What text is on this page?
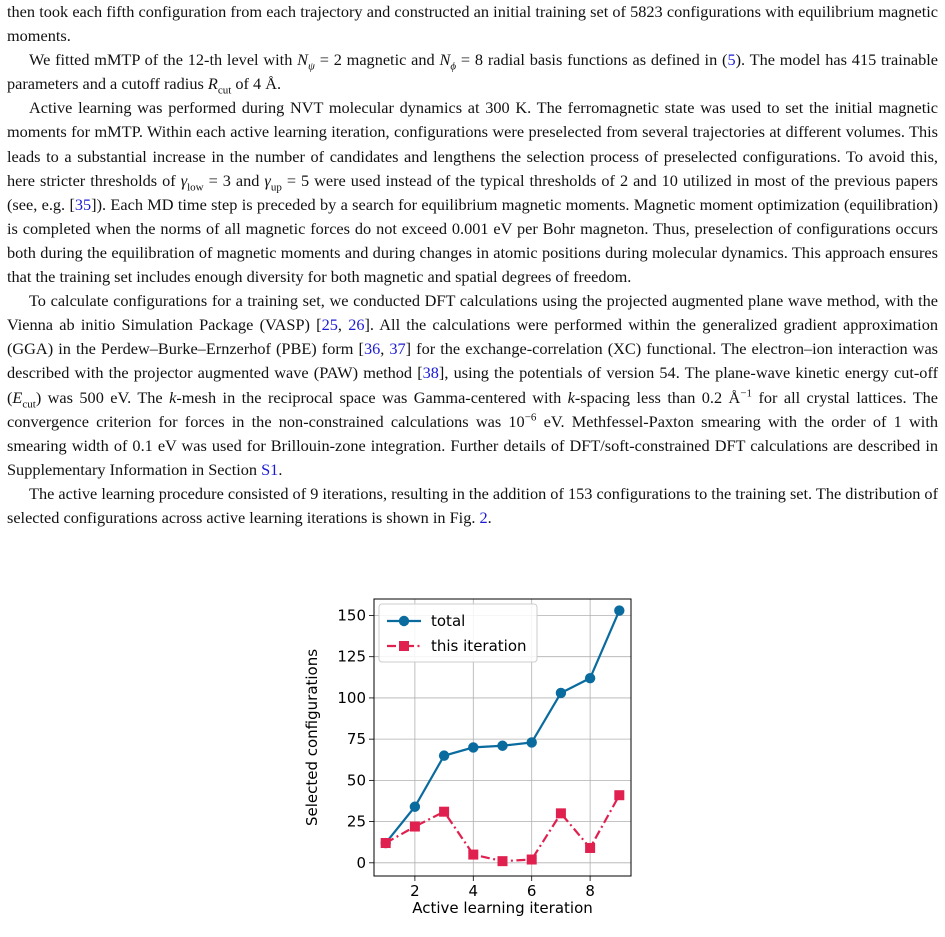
then took each fifth configuration from each trajectory and constructed an initial training set of 5823 configurations with equilibrium magnetic moments.

We fitted mMTP of the 12-th level with $N_\psi = 2$ magnetic and $N_\phi = 8$ radial basis functions as defined in (5). The model has 415 trainable parameters and a cutoff radius $R_{cut}$ of 4 Å.

Active learning was performed during NVT molecular dynamics at 300 K. The ferromagnetic state was used to set the initial magnetic moments for mMTP. Within each active learning iteration, configurations were preselected from several trajectories at different volumes. This leads to a substantial increase in the number of candidates and lengthens the selection process of preselected configurations. To avoid this, here stricter thresholds of $\gamma_{low} = 3$ and $\gamma_{up} = 5$ were used instead of the typical thresholds of 2 and 10 utilized in most of the previous papers (see, e.g. [35]). Each MD time step is preceded by a search for equilibrium magnetic moments. Magnetic moment optimization (equilibration) is completed when the norms of all magnetic forces do not exceed 0.001 eV per Bohr magneton. Thus, preselection of configurations occurs both during the equilibration of magnetic moments and during changes in atomic positions during molecular dynamics. This approach ensures that the training set includes enough diversity for both magnetic and spatial degrees of freedom.

To calculate configurations for a training set, we conducted DFT calculations using the projected augmented plane wave method, with the Vienna ab initio Simulation Package (VASP) [25, 26]. All the calculations were performed within the generalized gradient approximation (GGA) in the Perdew–Burke–Ernzerhof (PBE) form [36, 37] for the exchange-correlation (XC) functional. The electron–ion interaction was described with the projector augmented wave (PAW) method [38], using the potentials of version 54. The plane-wave kinetic energy cut-off $(E_{cut})$ was 500 eV. The k-mesh in the reciprocal space was Gamma-centered with k-spacing less than 0.2 $Å^{-1}$ for all crystal lattices. The convergence criterion for forces in the non-constrained calculations was $10^{-6}$ eV. Methfessel-Paxton smearing with the order of 1 with smearing width of 0.1 eV was used for Brillouin-zone integration. Further details of DFT/soft-constrained DFT calculations are described in Supplementary Information in Section S1.

The active learning procedure consisted of 9 iterations, resulting in the addition of 153 configurations to the training set. The distribution of selected configurations across active learning iterations is shown in Fig. 2.

2	4	6	8
0
25
50
75
100
125
150
Active learning iteration
Selected configurations
total
this iteration
